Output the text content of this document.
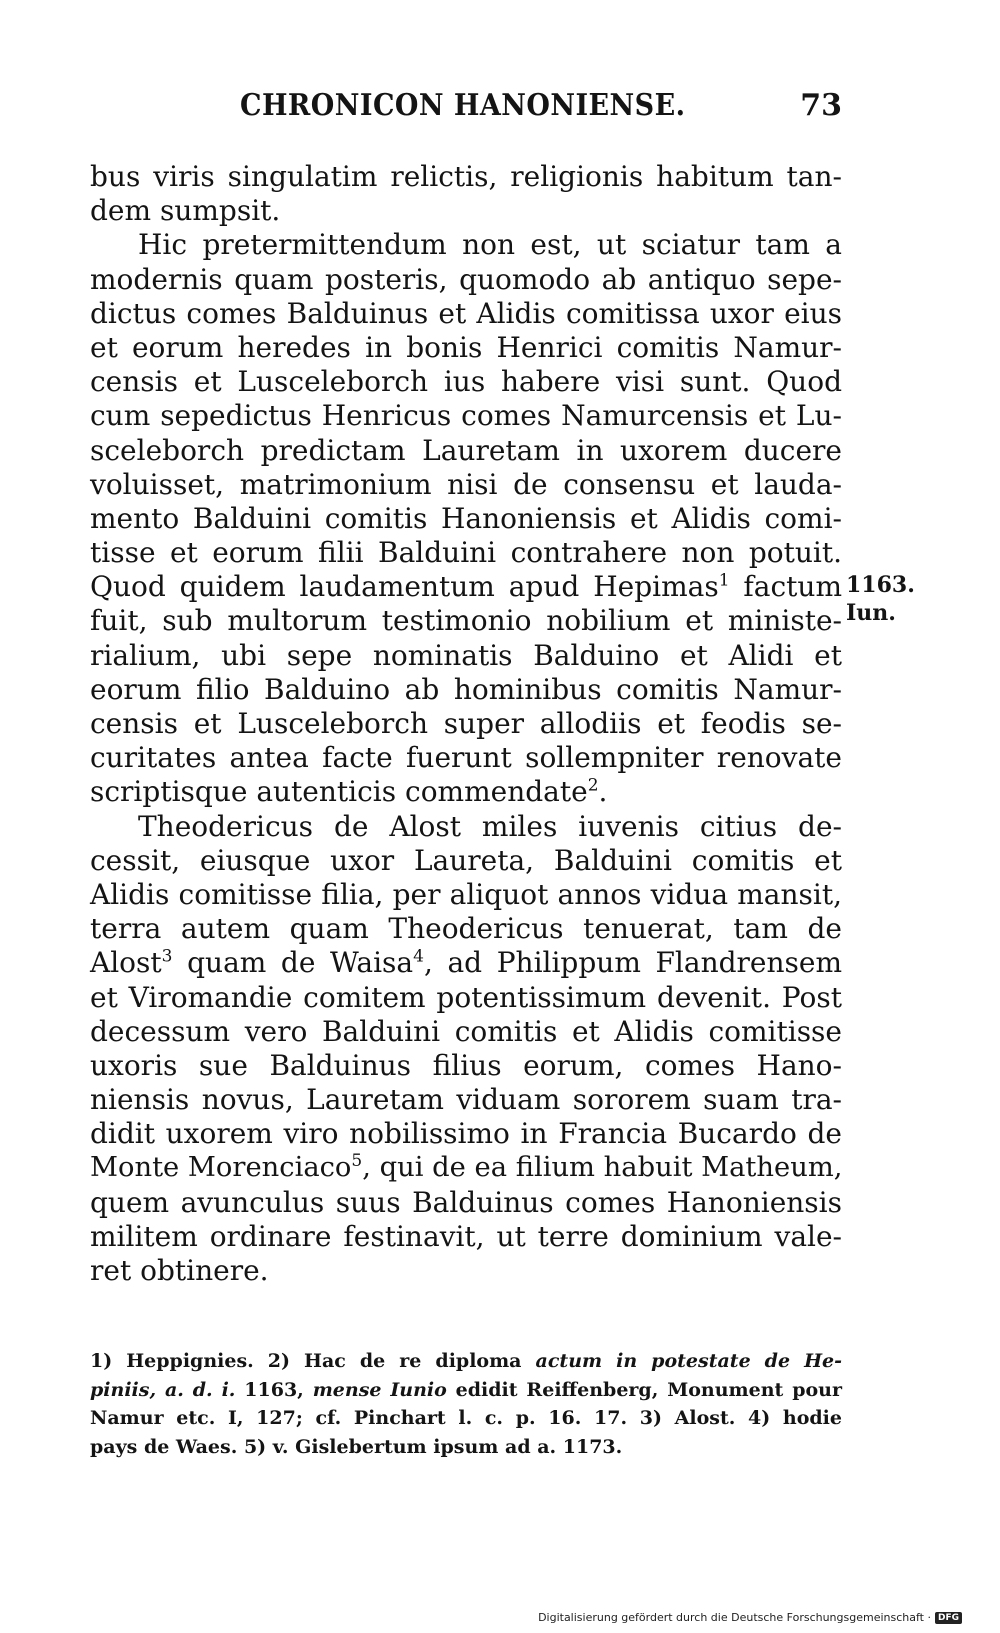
CHRONICON HANONIENSE.	73
bus viris singulatim relictis, religionis habitum tan-
dem sumpsit.
Hic pretermittendum non est, ut sciatur tam a
modernis quam posteris, quomodo ab antiquo sepe-
dictus comes Balduinus et Alidis comitissa uxor eius
et eorum heredes in bonis Henrici comitis Namur-
censis et Lusceleborch ius habere visi sunt. Quod
cum sepedictus Henricus comes Namurcensis et Lu-
sceleborch predictam Lauretam in uxorem ducere
voluisset, matrimonium nisi de consensu et lauda-
mento Balduini comitis Hanoniensis et Alidis comi-
tisse et eorum filii Balduini contrahere non potuit.
Quod quidem laudamentum apud Hepimas$^1$ factum
fuit, sub multorum testimonio nobilium et ministe-
rialium, ubi sepe nominatis Balduino et Alidi et
eorum filio Balduino ab hominibus comitis Namur-
censis et Lusceleborch super allodiis et feodis se-
curitates antea facte fuerunt sollempniter renovate
scriptisque autenticis commendate$^2$.
Theodericus de Alost miles iuvenis citius de-
cessit, eiusque uxor Laureta, Balduini comitis et
Alidis comitisse filia, per aliquot annos vidua mansit,
terra autem quam Theodericus tenuerat, tam de
Alost$^3$ quam de Waisa$^4$, ad Philippum Flandrensem
et Viromandie comitem potentissimum devenit. Post
decessum vero Balduini comitis et Alidis comitisse
uxoris sue Balduinus filius eorum, comes Hano-
niensis novus, Lauretam viduam sororem suam tra-
didit uxorem viro nobilissimo in Francia Bucardo de
Monte Morenciaco$^5$, qui de ea filium habuit Matheum,
quem avunculus suus Balduinus comes Hanoniensis
militem ordinare festinavit, ut terre dominium vale-
ret obtinere.
1163.
Iun.
1) Heppignies. 2) Hac de re diploma actum in potestate de He-
piniis, a. d. i. 1163, mense Iunio edidit Reiffenberg, Monument pour
Namur etc. I, 127; cf. Pinchart l. c. p. 16. 17. 3) Alost. 4) hodie
pays de Waes. 5) v. Gislebertum ipsum ad a. 1173.
Digitalisierung gefördert durch die Deutsche Forschungsgemeinschaft · DFG
